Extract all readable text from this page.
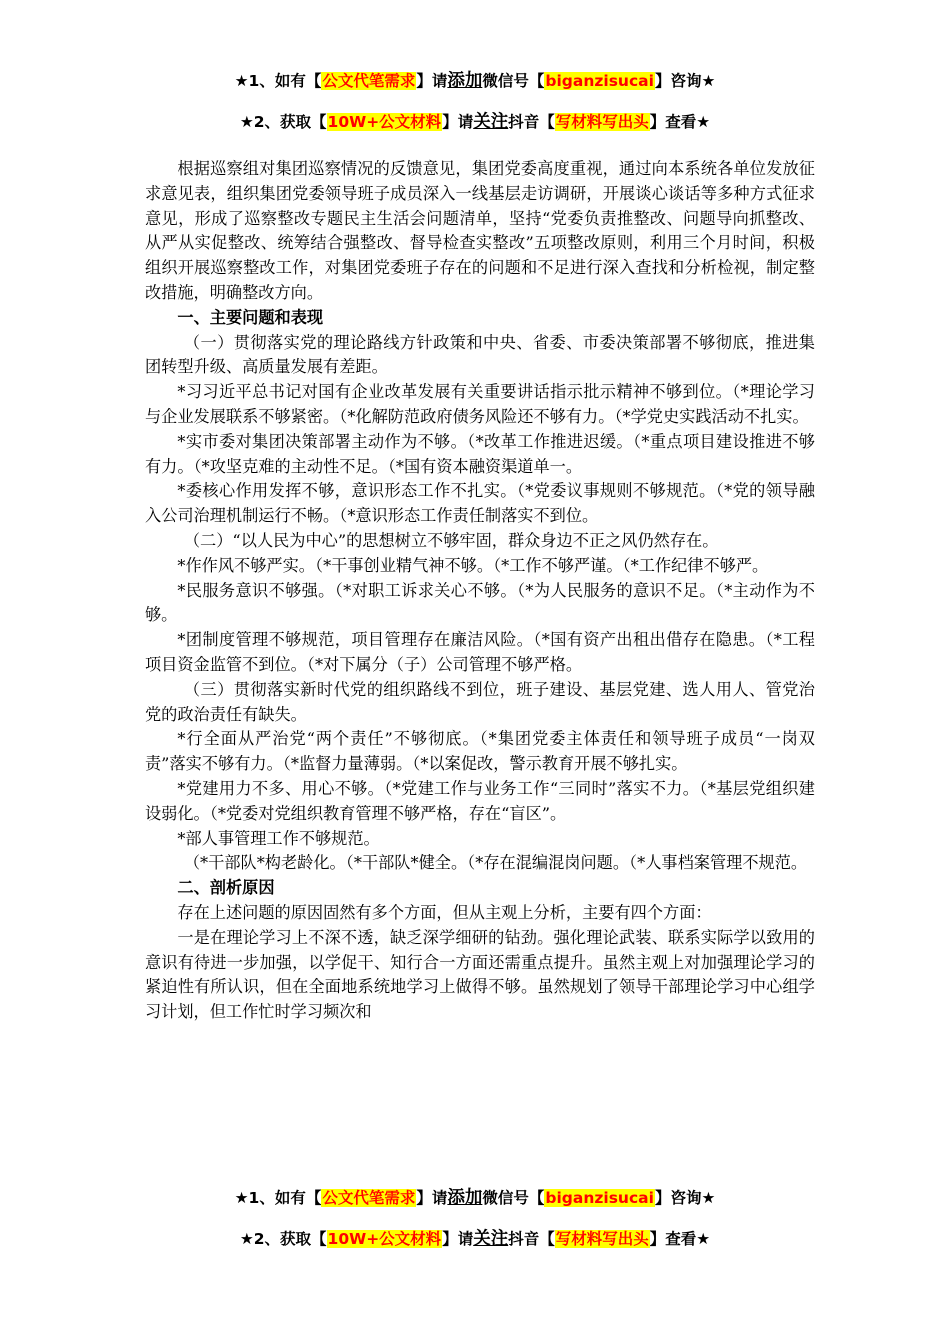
★1、如有【公文代笔需求】请添加微信号【biganzisucai】咨询★
★2、获取【10W+公文材料】请关注抖音【写材料写出头】查看★

根据巡察组对集团巡察情况的反馈意见，集团党委高度重视，通过向本系统各单位发放征求意见表，组织集团党委领导班子成员深入一线基层走访调研，开展谈心谈话等多种方式征求意见，形成了巡察整改专题民主生活会问题清单，坚持“党委负责推整改、问题导向抓整改、从严从实促整改、统筹结合强整改、督导检查实整改”五项整改原则，利用三个月时间，积极组织开展巡察整改工作，对集团党委班子存在的问题和不足进行深入查找和分析检视，制定整改措施，明确整改方向。

一、主要问题和表现

（一）贯彻落实党的理论路线方针政策和中央、省委、市委决策部署不够彻底，推进集团转型升级、高质量发展有差距。

*习习近平总书记对国有企业改革发展有关重要讲话指示批示精神不够到位。（*理论学习与企业发展联系不够紧密。（*化解防范政府债务风险还不够有力。（*学党史实践活动不扎实。

*实市委对集团决策部署主动作为不够。（*改革工作推进迟缓。（*重点项目建设推进不够有力。（*攻坚克难的主动性不足。（*国有资本融资渠道单一。

*委核心作用发挥不够，意识形态工作不扎实。（*党委议事规则不够规范。（*党的领导融入公司治理机制运行不畅。（*意识形态工作责任制落实不到位。

（二）“以人民为中心”的思想树立不够牢固，群众身边不正之风仍然存在。

*作作风不够严实。（*干事创业精气神不够。（*工作不够严谨。（*工作纪律不够严。

*民服务意识不够强。（*对职工诉求关心不够。（*为人民服务的意识不足。（*主动作为不够。

*团制度管理不够规范，项目管理存在廉洁风险。（*国有资产出租出借存在隐患。（*工程项目资金监管不到位。（*对下属分（子）公司管理不够严格。

（三）贯彻落实新时代党的组织路线不到位，班子建设、基层党建、选人用人、管党治党的政治责任有缺失。

*行全面从严治党“两个责任”不够彻底。（*集团党委主体责任和领导班子成员“一岗双责”落实不够有力。（*监督力量薄弱。（*以案促改，警示教育开展不够扎实。

*党建用力不多、用心不够。（*党建工作与业务工作“三同时”落实不力。（*基层党组织建设弱化。（*党委对党组织教育管理不够严格，存在“盲区”。

*部人事管理工作不够规范。

（*干部队*构老龄化。（*干部队*健全。（*存在混编混岗问题。（*人事档案管理不规范。

二、剖析原因

存在上述问题的原因固然有多个方面，但从主观上分析，主要有四个方面：

一是在理论学习上不深不透，缺乏深学细研的钻劲。强化理论武装、联系实际学以致用的意识有待进一步加强，以学促干、知行合一方面还需重点提升。虽然主观上对加强理论学习的紧迫性有所认识，但在全面地系统地学习上做得不够。虽然规划了领导干部理论学习中心组学习计划，但工作忙时学习频次和

★1、如有【公文代笔需求】请添加微信号【biganzisucai】咨询★
★2、获取【10W+公文材料】请关注抖音【写材料写出头】查看★
